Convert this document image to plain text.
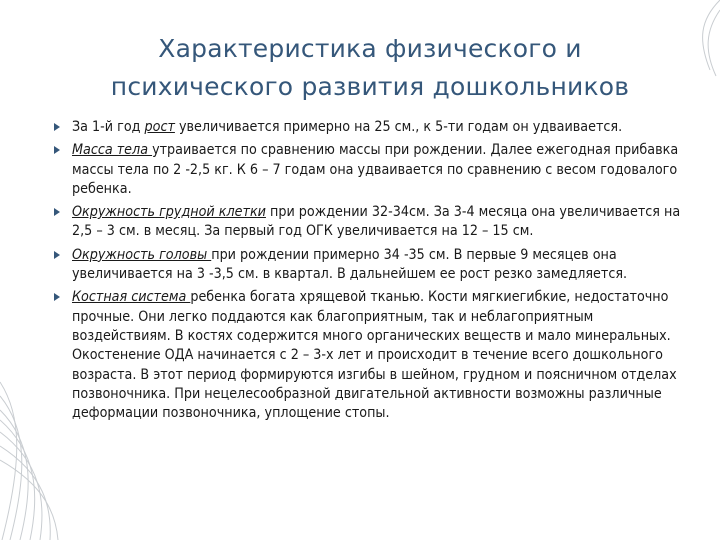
Характеристика физического и
психического развития дошкольников
За 1-й год рост увеличивается примерно на 25 см., к 5-ти годам он удваивается.
Масса тела утраивается по сравнению массы при рождении. Далее ежегодная прибавка массы тела по 2 -2,5 кг. К 6 – 7 годам она удваивается по сравнению с весом годовалого ребенка.
Окружность грудной клетки при рождении 32-34см. За 3-4 месяца она увеличивается на 2,5 – 3 см. в месяц. За первый год ОГК увеличивается на 12 – 15 см.
Окружность головы при рождении примерно 34 -35 см. В первые 9 месяцев она увеличивается на 3 -3,5 см. в квартал. В дальнейшем ее рост резко замедляется.
Костная система ребенка богата хрящевой тканью. Кости мягкиегибкие, недостаточно прочные. Они легко поддаются как благоприятным, так и неблагоприятным воздействиям. В костях содержится много органических веществ и мало минеральных. Окостенение ОДА начинается с 2 – 3-х лет и происходит в течение всего дошкольного возраста. В этот период формируются изгибы в шейном, грудном и поясничном отделах позвоночника. При нецелесообразной двигательной активности возможны различные деформации позвоночника, уплощение стопы.
